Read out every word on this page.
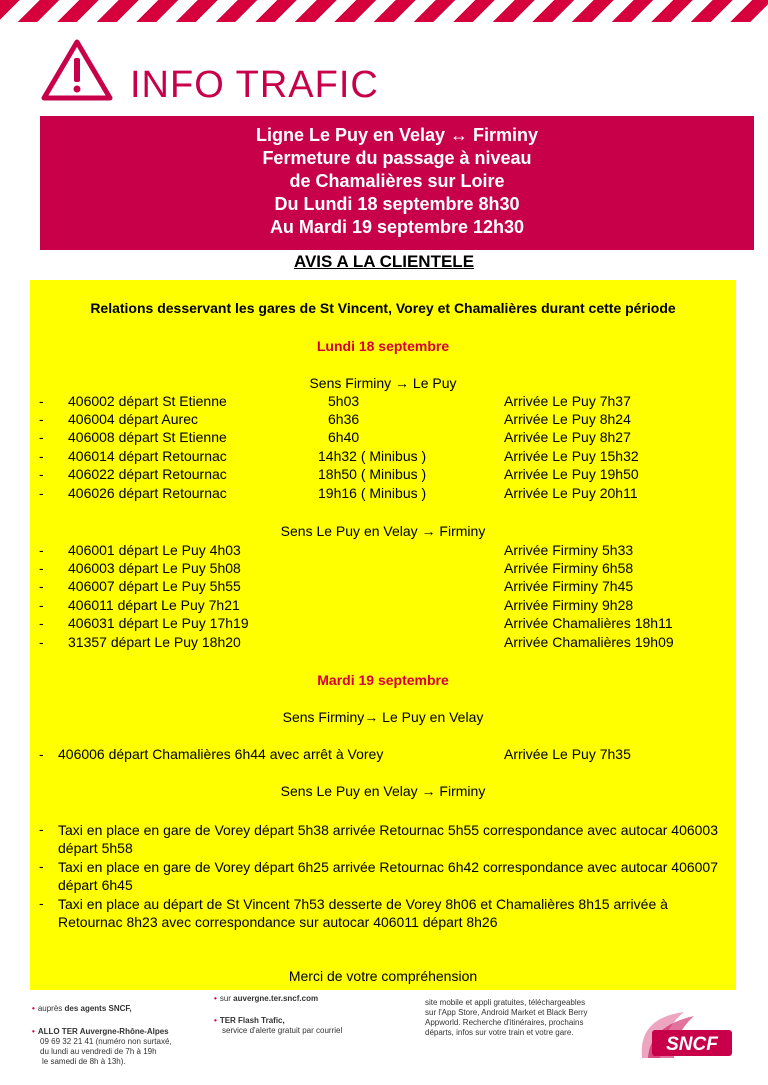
INFO TRAFIC
Ligne Le Puy en Velay ↔ Firminy
Fermeture du passage à niveau
de Chamalières sur Loire
Du Lundi 18 septembre 8h30
Au Mardi 19 septembre 12h30
AVIS A LA CLIENTELE
Relations desservant les gares de St Vincent, Vorey et Chamalières durant cette période
Lundi 18 septembre
Sens Firminy → Le Puy
- 406002 départ St Etienne	5h03	Arrivée Le Puy 7h37
- 406004 départ Aurec	6h36	Arrivée Le Puy 8h24
- 406008 départ St Etienne	6h40	Arrivée Le Puy 8h27
- 406014 départ Retournac	14h32 ( Minibus )	Arrivée Le Puy 15h32
- 406022 départ Retournac	18h50 ( Minibus )	Arrivée Le Puy 19h50
- 406026 départ Retournac	19h16 ( Minibus )	Arrivée Le Puy 20h11
Sens Le Puy en Velay → Firminy
- 406001 départ Le Puy 4h03	Arrivée Firminy 5h33
- 406003 départ Le Puy 5h08	Arrivée Firminy 6h58
- 406007 départ Le Puy 5h55	Arrivée Firminy 7h45
- 406011 départ Le Puy 7h21	Arrivée Firminy 9h28
- 406031 départ Le Puy 17h19	Arrivée Chamalières 18h11
- 31357 départ Le Puy 18h20	Arrivée Chamalières 19h09
Mardi 19 septembre
Sens Firminy→ Le Puy en Velay
- 406006 départ Chamalières 6h44 avec arrêt à Vorey	Arrivée Le Puy 7h35
Sens Le Puy en Velay → Firminy
- Taxi en place en gare de Vorey départ 5h38 arrivée Retournac 5h55 correspondance avec autocar 406003 départ 5h58
- Taxi en place en gare de Vorey départ 6h25 arrivée Retournac 6h42 correspondance avec autocar 406007 départ 6h45
- Taxi en place au départ de St Vincent 7h53 desserte de Vorey 8h06 et Chamalières 8h15 arrivée à Retournac 8h23 avec correspondance sur autocar 406011 départ 8h26
Merci de votre compréhension
• auprès des agents SNCF,
• ALLO TER Auvergne-Rhône-Alpes
09 69 32 21 41 (numéro non surtaxé,
du lundi au vendredi de 7h à 19h
le samedi de 8h à 13h).
• sur auvergne.ter.sncf.com
• TER Flash Trafic,
service d'alerte gratuit par courriel
site mobile et appli gratuites, téléchargeables
sur l'App Store, Android Market et Black Berry
Appworld. Recherche d'itinéraires, prochains
départs, infos sur votre train et votre gare.
SNCF
